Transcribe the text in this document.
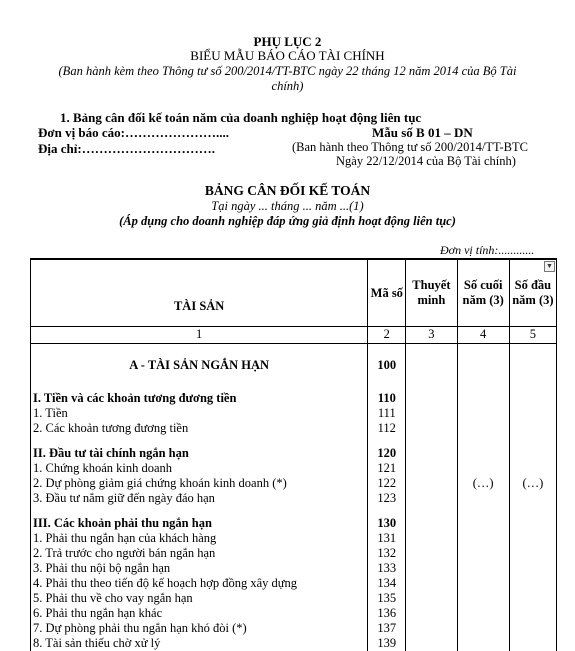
PHỤ LỤC 2
BIỂU MẪU BÁO CÁO TÀI CHÍNH
(Ban hành kèm theo Thông tư số 200/2014/TT-BTC ngày 22 tháng 12 năm 2014 của Bộ Tài
chính)
1. Bảng cân đối kế toán năm của doanh nghiệp hoạt động liên tục
Đơn vị báo cáo:…………………....
Địa chỉ:………………………….
Mẫu số B 01 – DN
(Ban hành theo Thông tư số 200/2014/TT-BTC
Ngày 22/12/2014 của Bộ Tài chính)
BẢNG CÂN ĐỐI KẾ TOÁN
Tại ngày ... tháng ... năm ...(1)
(Áp dụng cho doanh nghiệp đáp ứng giả định hoạt động liên tục)
Đơn vị tính:............
TÀI SẢN	Mã số	Thuyết minh	Số cuối năm (3)	Số đầu năm (3)
▼

1	2	3	4	5
A - TÀI SẢN NGẮN HẠN	100			
I. Tiền và các khoản tương đương tiền	110			
1. Tiền	111			
2. Các khoản tương đương tiền	112			
II. Đầu tư tài chính ngắn hạn	120			
1. Chứng khoán kinh doanh	121			
2. Dự phòng giảm giá chứng khoán kinh doanh (*)	122		(…)	(…)
3. Đầu tư nắm giữ đến ngày đáo hạn	123			
III. Các khoản phải thu ngắn hạn	130			
1. Phải thu ngắn hạn của khách hàng	131			
2. Trả trước cho người bán ngắn hạn	132			
3. Phải thu nội bộ ngắn hạn	133			
4. Phải thu theo tiến độ kế hoạch hợp đồng xây dựng	134			
5. Phải thu về cho vay ngắn hạn	135			
6. Phải thu ngắn hạn khác	136			
7. Dự phòng phải thu ngắn hạn khó đòi (*)	137			
8. Tài sản thiếu chờ xử lý	139			
